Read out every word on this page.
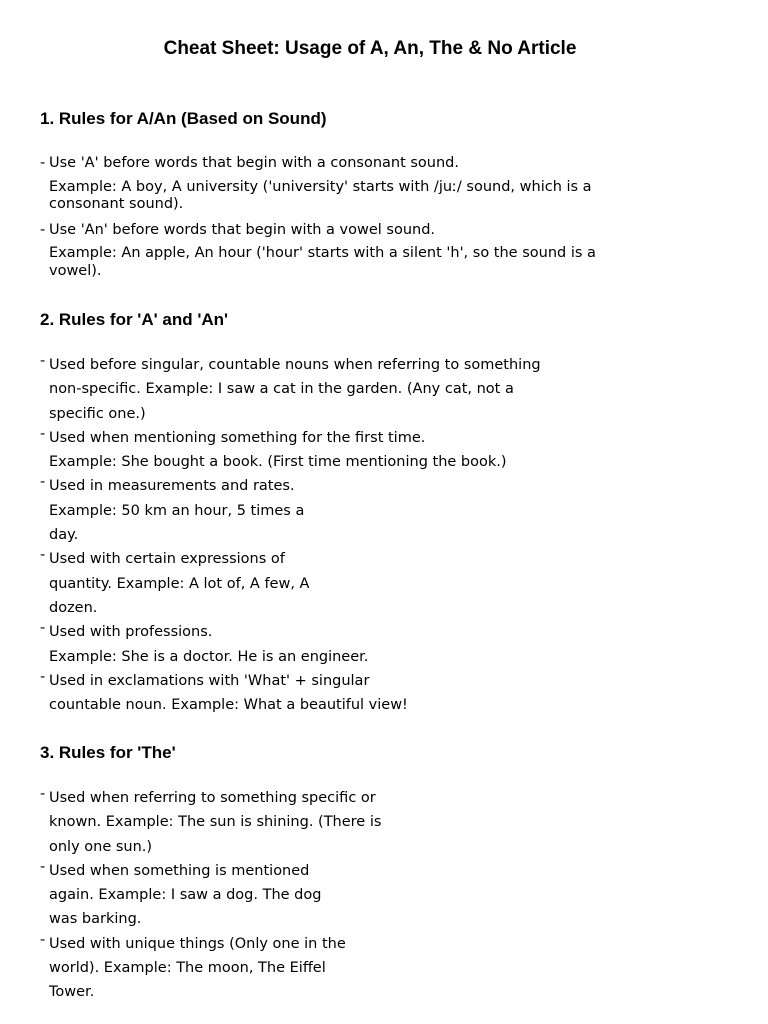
Cheat Sheet: Usage of A, An, The & No Article
1. Rules for A/An (Based on Sound)
- Use 'A' before words that begin with a consonant sound.
Example: A boy, A university ('university' starts with /juː/ sound, which is a
consonant sound).
- Use 'An' before words that begin with a vowel sound.
Example: An apple, An hour ('hour' starts with a silent 'h', so the sound is a
vowel).
2. Rules for 'A' and 'An'
- Used before singular, countable nouns when referring to something
non-specific. Example: I saw a cat in the garden. (Any cat, not a
specific one.)
- Used when mentioning something for the first time.
Example: She bought a book. (First time mentioning the book.)
- Used in measurements and rates.
Example: 50 km an hour, 5 times a
day.
- Used with certain expressions of
quantity. Example: A lot of, A few, A
dozen.
- Used with professions.
Example: She is a doctor. He is an engineer.
- Used in exclamations with 'What' + singular
countable noun. Example: What a beautiful view!
3. Rules for 'The'
- Used when referring to something specific or
known. Example: The sun is shining. (There is
only one sun.)
- Used when something is mentioned
again. Example: I saw a dog. The dog
was barking.
- Used with unique things (Only one in the
world). Example: The moon, The Eiffel
Tower.
